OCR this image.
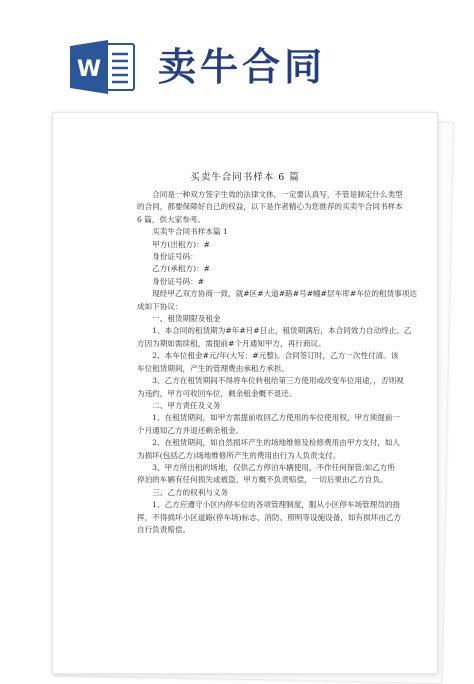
W 卖牛合同
买卖牛合同书样本 6 篇

　　合同是一种双方签字生效的法律文体，一定要认真写，不管是制定什么类型

的合同，都要保障好自己的权益，以下是作者精心为您推荐的买卖牛合同书样本

6 篇，供大家参考。

　　买卖牛合同书样本篇 1

　　甲方(出租方)：#

　　身份证号码：

　　乙方(承租方)：#

　　身份证号码：#

　　现经甲乙双方协商一致，就#区#大道#路#号#幢#层车库#车位的租赁事项达

成如下协议：

　　一、租赁期限及租金

　　1、本合同的租赁期为#年#月#日止，租赁期满后，本合同效力自动终止。乙

方因为期如需续租，需提前#个月通知甲方，再行商议。

　　2、本车位租金#元/年(大写：#元整)。合同签订时，乙方一次性付清。该

车位租赁期间，产生的管理费由承租方承担。

　　3、乙方在租赁期间不得将车位转租给第三方使用或改变车位用途，，否则视

为违约，甲方可收回车位，剩余租金概不退还。

　　二、甲方责任及义务

　　1、在租赁期间，如甲方需提前收回乙方使用的车位使用权，甲方须提前一

个月通知乙方并退还剩余租金。

　　2、在租赁期间，如自然损坏产生的场地维修及检修费用由甲方支付，如人

为损坏(包括乙方)场地维修所产生的费用由行为人负责支付。

　　3、甲方所出租的场地，仅供乙方停泊车辆使用，不作任何保管;如乙方所

停泊的车辆有任何损失或被盗，甲方概不负责赔偿，一切后果由乙方自负。

　　三、乙方的权利与义务

　　1、乙方应遵守小区内停车位的各项管理制度，服从小区停车场管理员的指

挥，不得损坏小区道路(停车场)标志、消防、照明等设施设备，如有损坏由乙方

自行负责赔偿。
